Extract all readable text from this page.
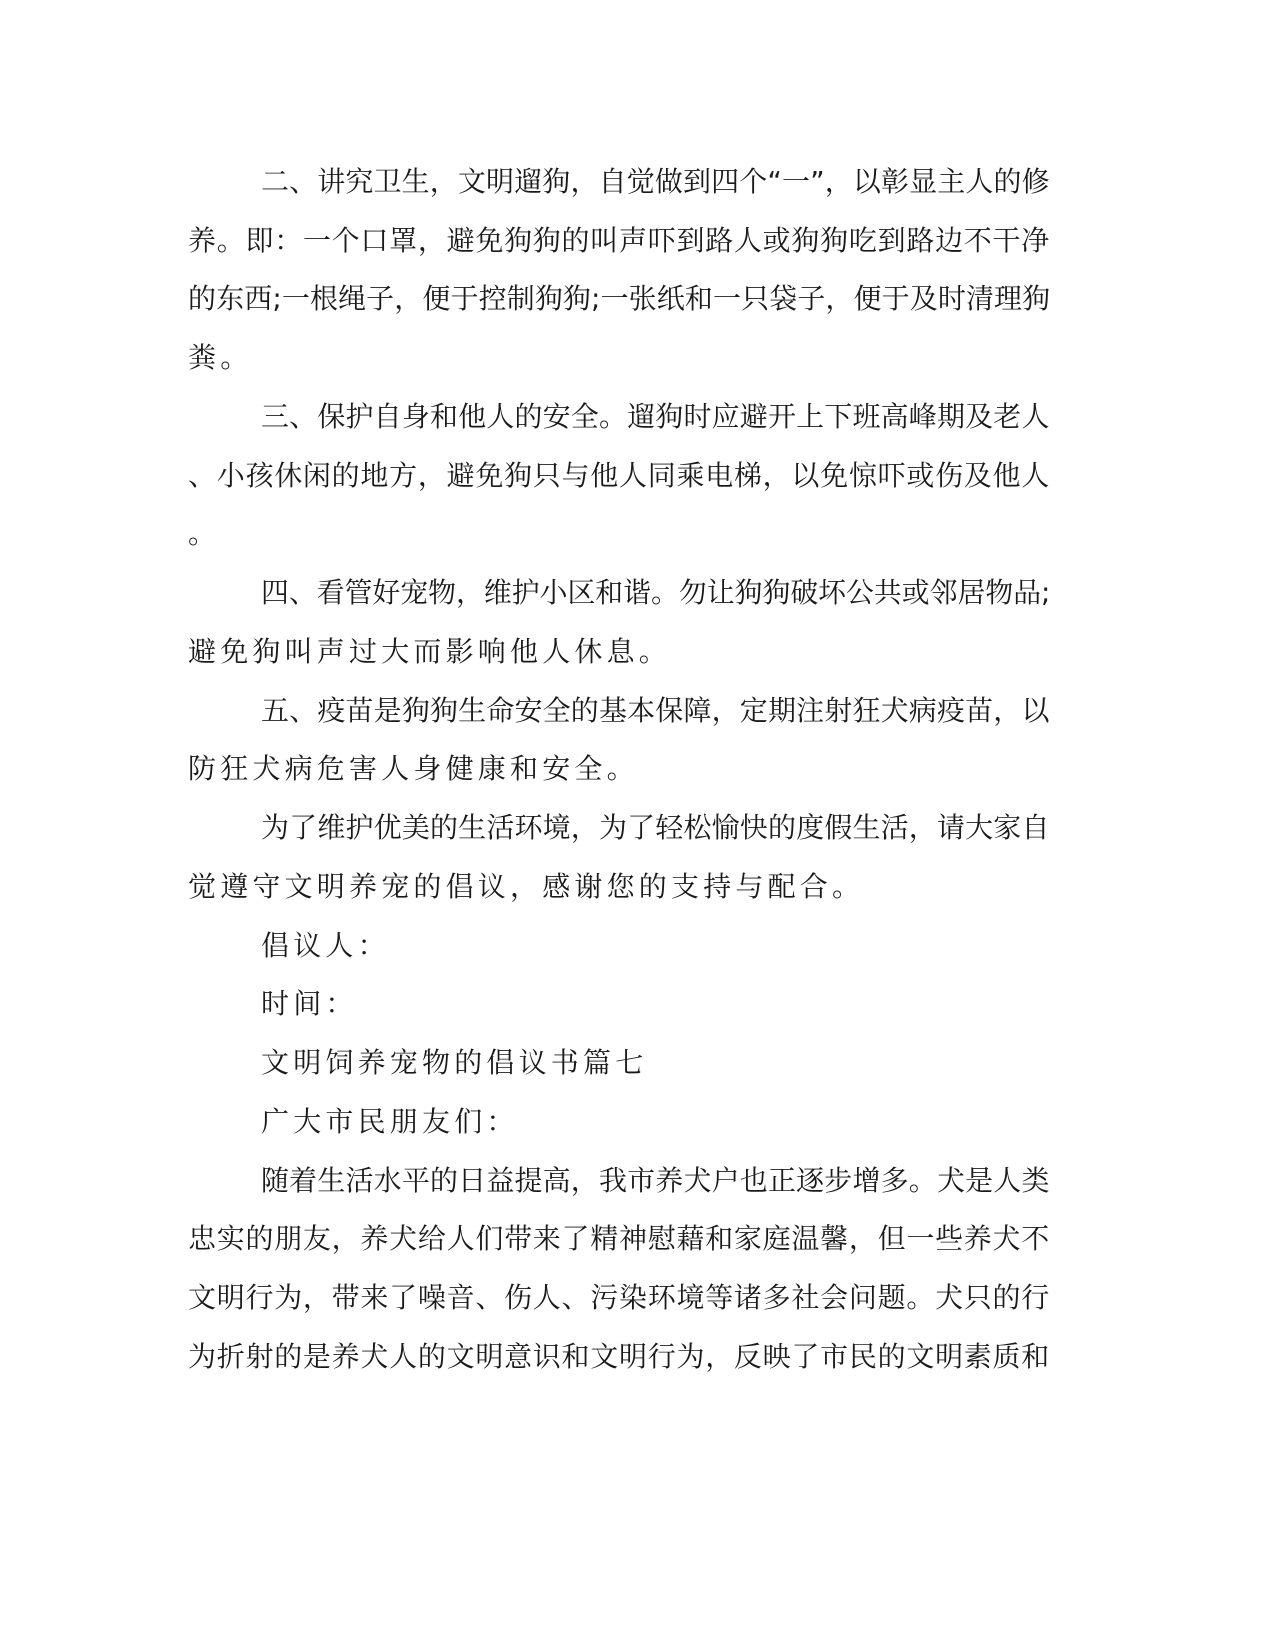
二、讲究卫生，文明遛狗，自觉做到四个“一”，以彰显主人的修
养。即：一个口罩，避免狗狗的叫声吓到路人或狗狗吃到路边不干净
的东西;一根绳子，便于控制狗狗;一张纸和一只袋子，便于及时清理狗
粪。
三、保护自身和他人的安全。遛狗时应避开上下班高峰期及老人
、小孩休闲的地方，避免狗只与他人同乘电梯，以免惊吓或伤及他人
。
四、看管好宠物，维护小区和谐。勿让狗狗破坏公共或邻居物品;
避免狗叫声过大而影响他人休息。
五、疫苗是狗狗生命安全的基本保障，定期注射狂犬病疫苗，以
防狂犬病危害人身健康和安全。
为了维护优美的生活环境，为了轻松愉快的度假生活，请大家自
觉遵守文明养宠的倡议，感谢您的支持与配合。
倡议人：
时间：
文明饲养宠物的倡议书篇七
广大市民朋友们：
随着生活水平的日益提高，我市养犬户也正逐步增多。犬是人类
忠实的朋友，养犬给人们带来了精神慰藉和家庭温馨，但一些养犬不
文明行为，带来了噪音、伤人、污染环境等诸多社会问题。犬只的行
为折射的是养犬人的文明意识和文明行为，反映了市民的文明素质和
